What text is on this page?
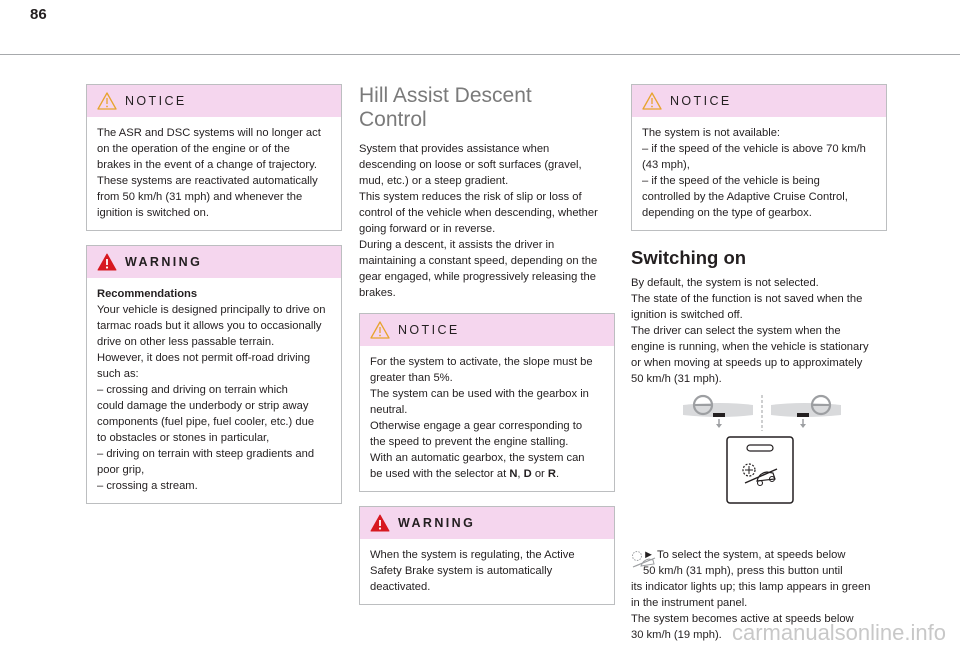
86
NOTICE

The ASR and DSC systems will no longer act

on the operation of the engine or of the

brakes in the event of a change of trajectory.

These systems are reactivated automatically

from 50 km/h (31 mph) and whenever the

ignition is switched on.

WARNING

Recommendations

Your vehicle is designed principally to drive on

tarmac roads but it allows you to occasionally

drive on other less passable terrain.

However, it does not permit off-road driving

such as:

– crossing and driving on terrain which

could damage the underbody or strip away

components (fuel pipe, fuel cooler, etc.) due

to obstacles or stones in particular,

– driving on terrain with steep gradients and

poor grip,

– crossing a stream.

Hill Assist Descent
Control

System that provides assistance when

descending on loose or soft surfaces (gravel,

mud, etc.) or a steep gradient.

This system reduces the risk of slip or loss of

control of the vehicle when descending, whether

going forward or in reverse.

During a descent, it assists the driver in

maintaining a constant speed, depending on the

gear engaged, while progressively releasing the

brakes.

NOTICE

For the system to activate, the slope must be

greater than 5%.

The system can be used with the gearbox in

neutral.

Otherwise engage a gear corresponding to

the speed to prevent the engine stalling.

With an automatic gearbox, the system can

be used with the selector at N, D or R.

WARNING

When the system is regulating, the Active

Safety Brake system is automatically

deactivated.

NOTICE

The system is not available:

– if the speed of the vehicle is above 70 km/h

(43 mph),

– if the speed of the vehicle is being

controlled by the Adaptive Cruise Control,

depending on the type of gearbox.

Switching on

By default, the system is not selected.

The state of the function is not saved when the

ignition is switched off.

The driver can select the system when the

engine is running, when the vehicle is stationary

or when moving at speeds up to approximately

50 km/h (31 mph).

► To select the system, at speeds below

50 km/h (31 mph), press this button until

its indicator lights up; this lamp appears in green

in the instrument panel.

The system becomes active at speeds below

30 km/h (19 mph). carmanualsonline.info
